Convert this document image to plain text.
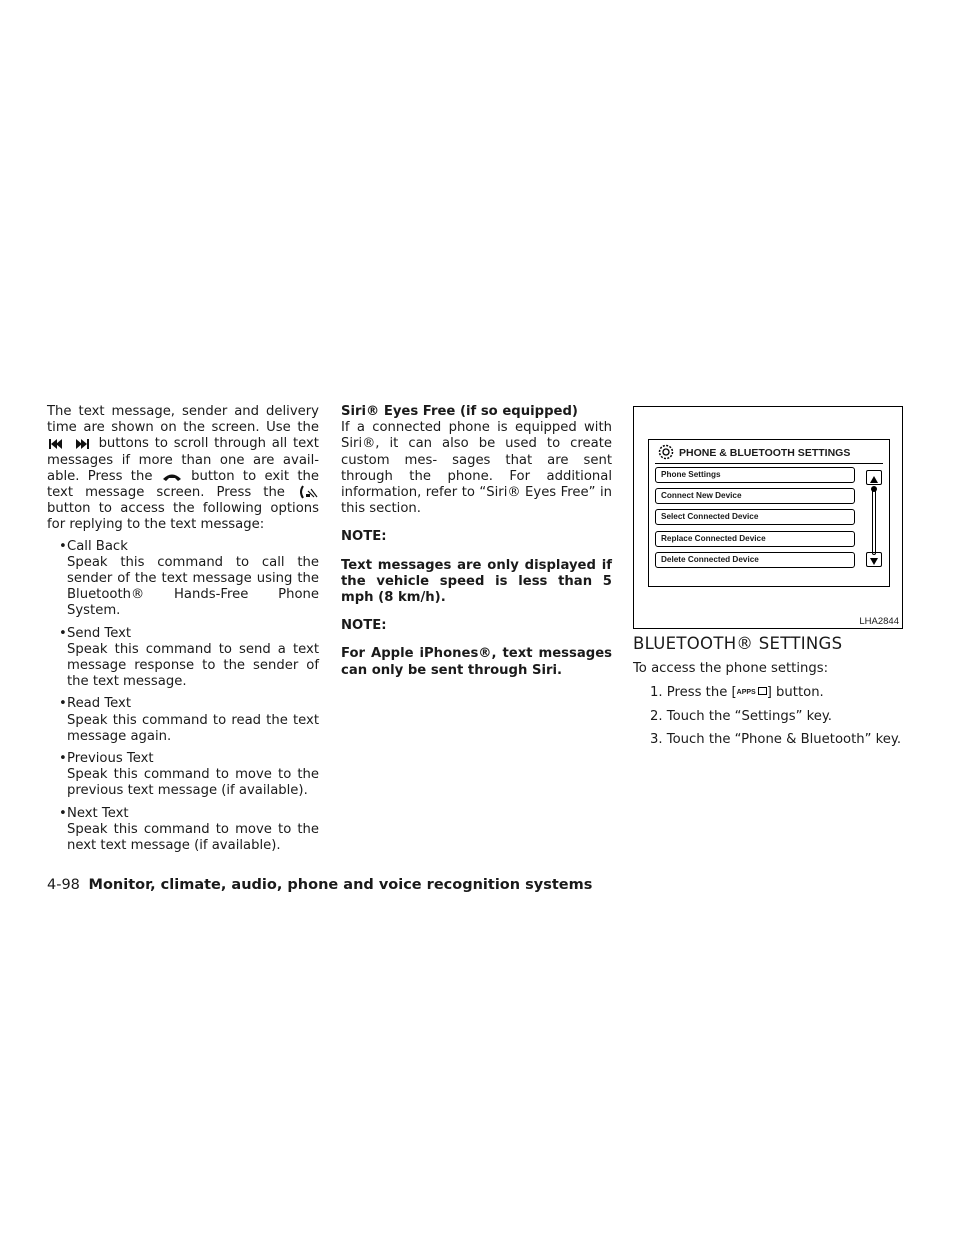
The text message, sender and delivery time are shown on the screen. Use the   buttons to scroll through all text messages if more than one are avail- able. Press the	button to exit the text message screen. Press the  button to access the following options for replying to the text message:

• Call Back
Speak this command to call the sender of the text message using the Bluetooth® Hands-Free Phone System.
• Send Text
Speak this command to send a text message response to the sender of the text message.
• Read Text
Speak this command to read the text message again.
• Previous Text
Speak this command to move to the previous text message (if available).
• Next Text
Speak this command to move to the next text message (if available).

Siri® Eyes Free (if so equipped)

If a connected phone is equipped with Siri®, it can also be used to create custom mes- sages that are sent through the phone. For additional information, refer to “Siri® Eyes Free” in this section.

NOTE:

Text messages are only displayed if the vehicle speed is less than 5 mph (8 km/h).

NOTE:

For Apple iPhones®, text messages can only be sent through Siri.

PHONE & BLUETOOTH SETTINGS
Phone Settings
Connect New Device
Select Connected Device
Replace Connected Device
Delete Connected Device
LHA2844
BLUETOOTH® SETTINGS

To access the phone settings:

1. Press the [APPS ] button.
2. Touch the “Settings” key.
3. Touch the “Phone & Bluetooth” key.
4-98 Monitor, climate, audio, phone and voice recognition systems
